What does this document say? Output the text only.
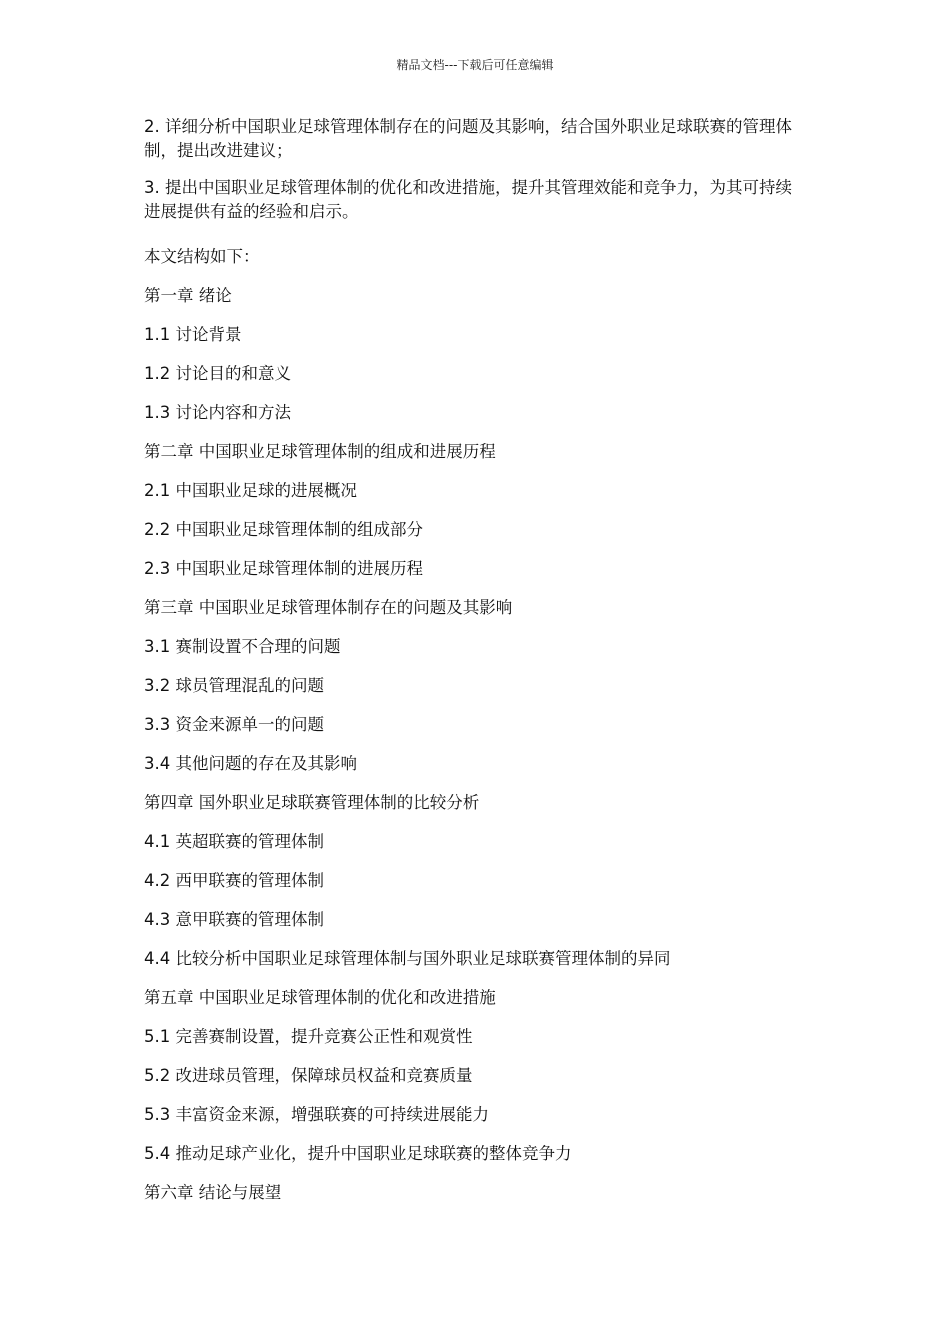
精品文档---下载后可任意编辑

2. 详细分析中国职业足球管理体制存在的问题及其影响，结合国外职业足球联赛的管理体制，提出改进建议；

3. 提出中国职业足球管理体制的优化和改进措施，提升其管理效能和竞争力，为其可持续进展提供有益的经验和启示。

本文结构如下：

第一章 绪论

1.1 讨论背景

1.2 讨论目的和意义

1.3 讨论内容和方法

第二章 中国职业足球管理体制的组成和进展历程

2.1 中国职业足球的进展概况

2.2 中国职业足球管理体制的组成部分

2.3 中国职业足球管理体制的进展历程

第三章 中国职业足球管理体制存在的问题及其影响

3.1 赛制设置不合理的问题

3.2 球员管理混乱的问题

3.3 资金来源单一的问题

3.4 其他问题的存在及其影响

第四章 国外职业足球联赛管理体制的比较分析

4.1 英超联赛的管理体制

4.2 西甲联赛的管理体制

4.3 意甲联赛的管理体制

4.4 比较分析中国职业足球管理体制与国外职业足球联赛管理体制的异同

第五章 中国职业足球管理体制的优化和改进措施

5.1 完善赛制设置，提升竞赛公正性和观赏性

5.2 改进球员管理，保障球员权益和竞赛质量

5.3 丰富资金来源，增强联赛的可持续进展能力

5.4 推动足球产业化，提升中国职业足球联赛的整体竞争力

第六章 结论与展望
